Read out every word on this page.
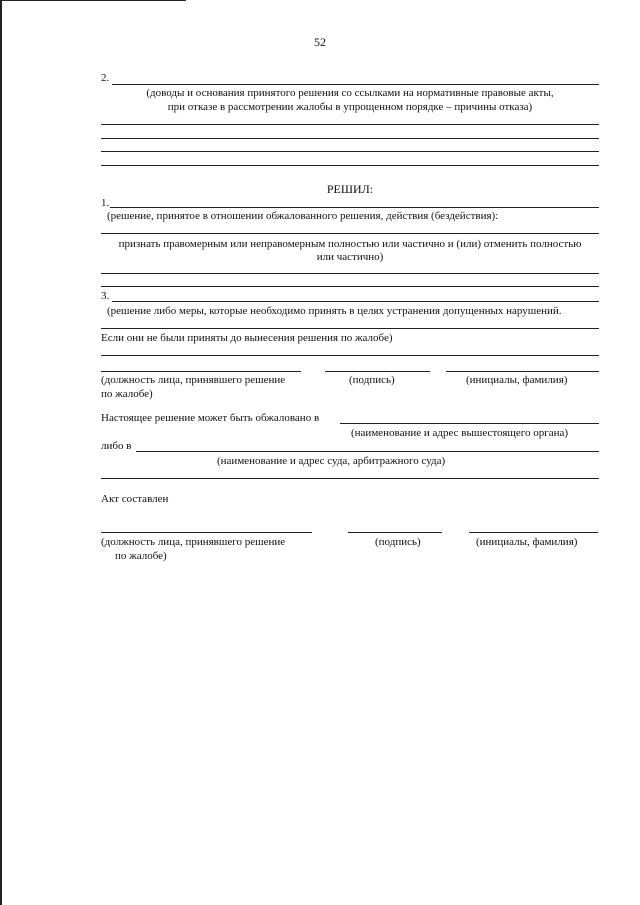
52
2.
(доводы и основания принятого решения со ссылками на нормативные правовые акты,
при отказе в рассмотрении жалобы в упрощенном порядке – причины отказа)
РЕШИЛ:
1.
(решение, принятое в отношении обжалованного решения, действия (бездействия):
признать правомерным или неправомерным полностью или частично и (или) отменить полностью
или частично)
3.
(решение либо меры, которые необходимо принять в целях устранения допущенных нарушений.
Если они не были приняты до вынесения решения по жалобе)
(должность лица, принявшего решение	(подпись)	(инициалы, фамилия)
по жалобе)
Настоящее решение может быть обжаловано в
(наименование и адрес вышестоящего органа)
либо в
(наименование и адрес суда, арбитражного суда)
Акт составлен
(должность лица, принявшего решение	(подпись)	(инициалы, фамилия)
по жалобе)
